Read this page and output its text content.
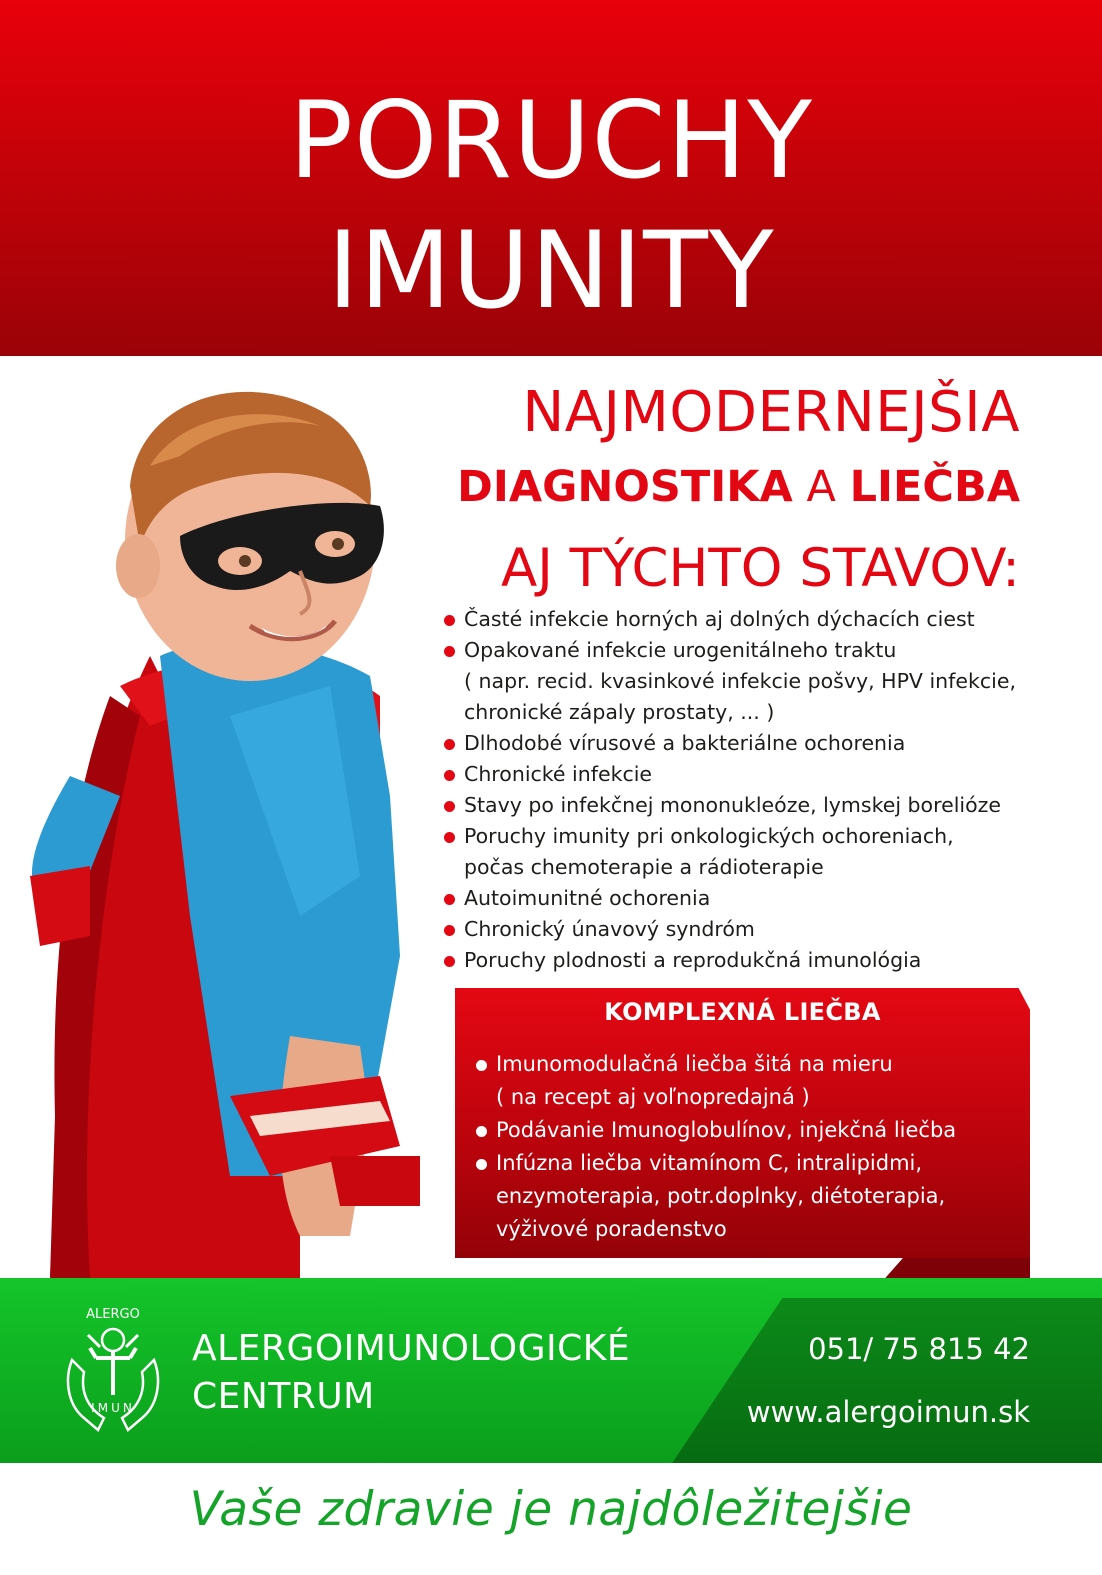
PORUCHY
IMUNITY
NAJMODERNEJŠIA
DIAGNOSTIKA A LIEČBA
AJ TÝCHTO STAVOV:
Časté infekcie horných aj dolných dýchacích ciest
Opakované infekcie urogenitálneho traktu
( napr. recid. kvasinkové infekcie pošvy, HPV infekcie,
chronické zápaly prostaty, ... )
Dlhodobé vírusové a bakteriálne ochorenia
Chronické infekcie
Stavy po infekčnej mononukleóze, lymskej borelióze
Poruchy imunity pri onkologických ochoreniach,
počas chemoterapie a rádioterapie
Autoimunitné ochorenia
Chronický únavový syndróm
Poruchy plodnosti a reprodukčná imunológia
KOMPLEXNÁ LIEČBA
Imunomodulačná liečba šitá na mieru
( na recept aj voľnopredajná )
Podávanie Imunoglobulínov, injekčná liečba
Infúzna liečba vitamínom C, intralipidmi,
enzymoterapia, potr.doplnky, diétoterapia,
výživové poradenstvo
ALERGO
IMUN
ALERGOIMUNOLOGICKÉ
CENTRUM
051/ 75 815 42
www.alergoimun.sk
Vaše zdravie je najdôležitejšie
